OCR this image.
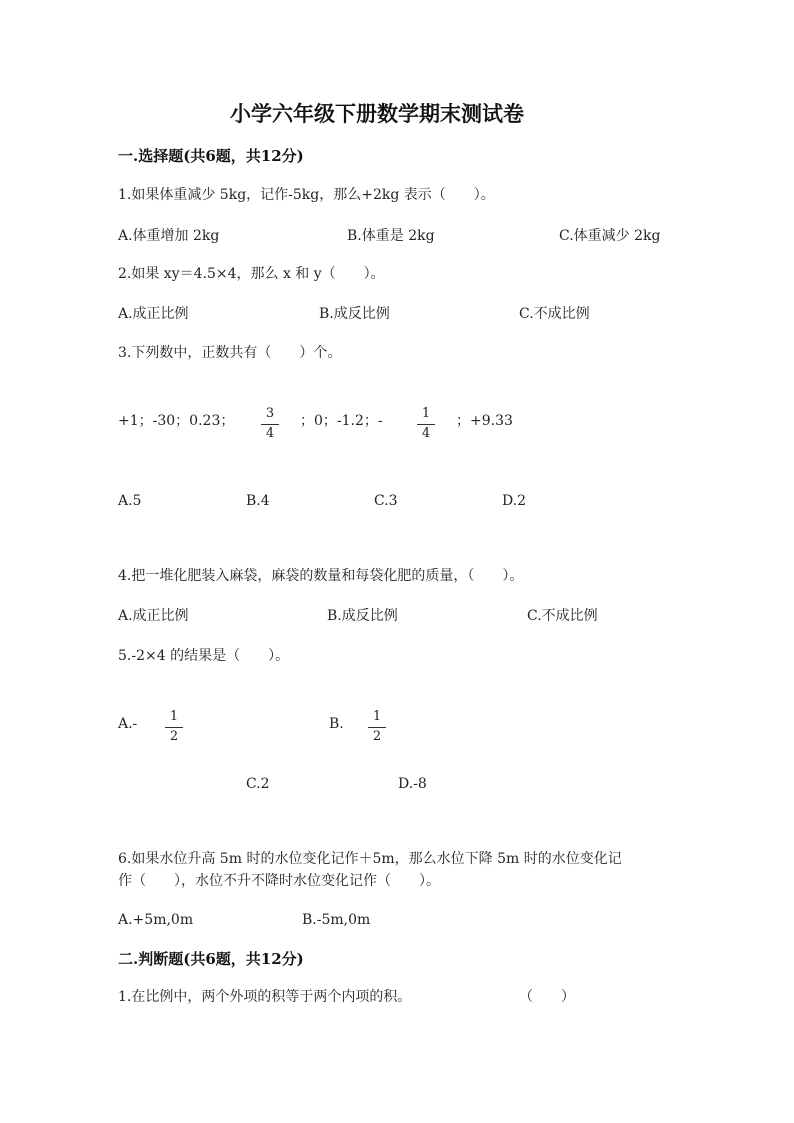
小学六年级下册数学期末测试卷
一.选择题(共6题，共12分)
1.如果体重减少 5kg，记作-5kg，那么+2kg 表示（　　）。
A.体重增加 2kg	B.体重是 2kg	C.体重减少 2kg
2.如果 xy＝4.5×4，那么 x 和 y（　　）。
A.成正比例	B.成反比例	C.不成比例
3.下列数中，正数共有（　　）个。
+1；-30；0.23；	3
4
；0；-1.2；-	1
4
；+9.33
A.5	B.4	C.3	D.2
4.把一堆化肥装入麻袋，麻袋的数量和每袋化肥的质量，（　　）。
A.成正比例	B.成反比例	C.不成比例
5.-2×4 的结果是（　　）。
A.-	1
2
B.	1
2
C.2	D.-8
6.如果水位升高 5m 时的水位变化记作＋5m，那么水位下降 5m 时的水位变化记
作（　　），水位不升不降时水位变化记作（　　）。
A.+5m,0m	B.-5m,0m
二.判断题(共6题，共12分)
1.在比例中，两个外项的积等于两个内项的积。	（　　）
